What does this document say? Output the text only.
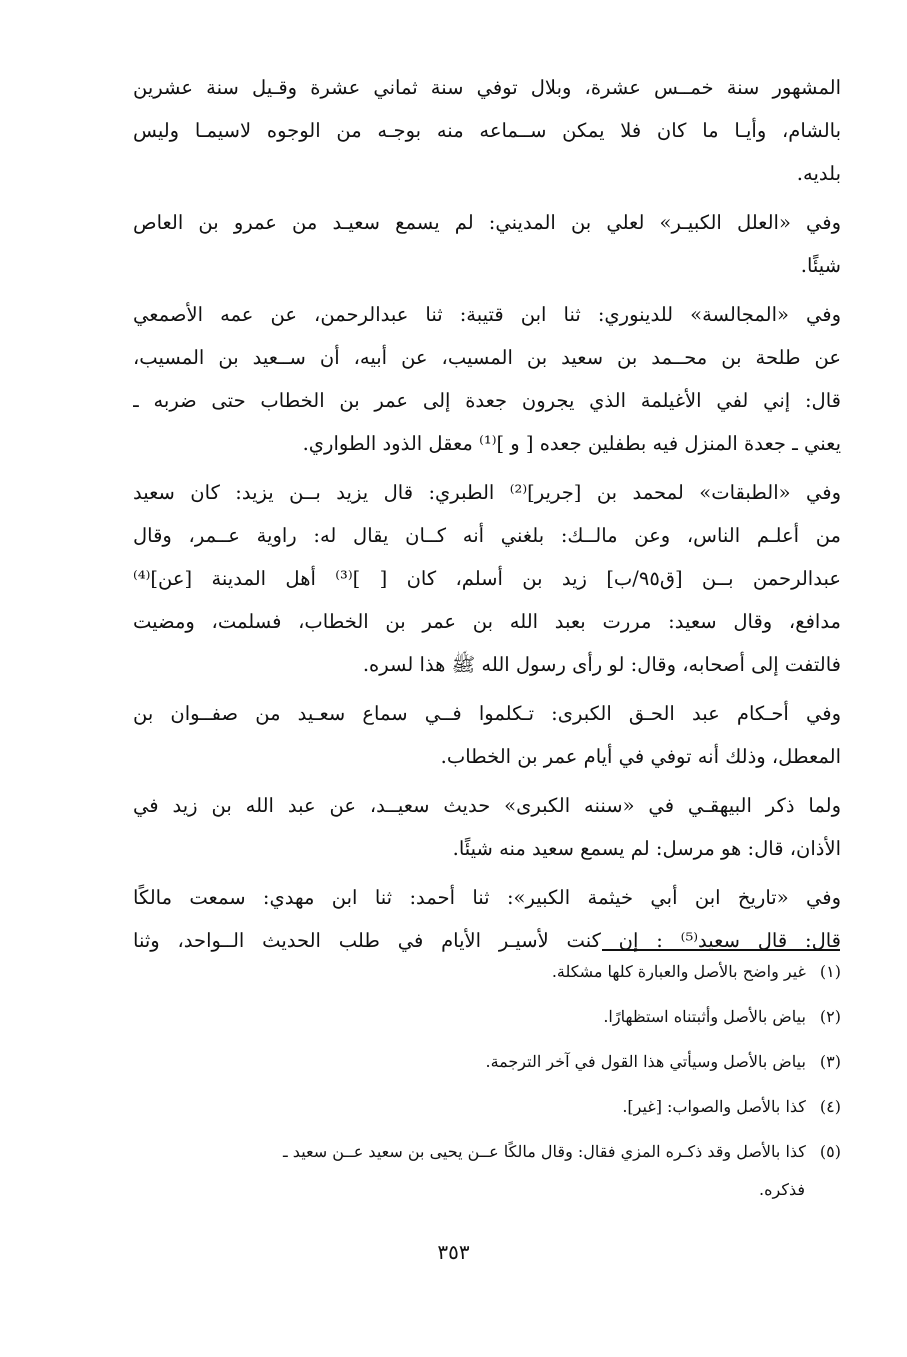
المشهور سنة خمــس عشرة، وبلال توفي سنة ثماني عشرة وقـيل سنة عشرين
بالشام، وأيـا ما كان فلا يمكن ســماعه منه بوجـه من الوجوه لاسيمـا وليس
بلديه.
وفي «العلل الكبيـر» لعلي بن المديني: لم يسمع سعيـد من عمرو بن العاص
شيئًا.
وفي «المجالسة» للدينوري: ثنا ابن قتيبة: ثنا عبدالرحمن، عن عمه الأصمعي
عن طلحة بن محــمد بن سعيد بن المسيب، عن أبيه، أن ســعيد بن المسيب،
قال: إني لفي الأغيلمة الذي يجرون جعدة إلى عمر بن الخطاب حتى ضربه ـ
يعني ـ جعدة المنزل فيه بطفلين جعده [ و ]⁽¹⁾ معقل الذود الطواري.
وفي «الطبقات» لمحمد بن [جرير]⁽²⁾ الطبري: قال يزيد بــن يزيد: كان سعيد
من أعلـم الناس، وعن مالــك: بلغني أنه كــان يقال له: راوية عــمر، وقال
عبدالرحمن بــن [ق٩٥/ب] زيد بن أسلم، كان [ ]⁽³⁾ أهل المدينة [عن]⁽⁴⁾
مدافع، وقال سعيد: مررت بعبد الله بن عمر بن الخطاب، فسلمت، ومضيت
فالتفت إلى أصحابه، وقال: لو رأى رسول الله ﷺ هذا لسره.
وفي أحـكام عبد الحـق الكبرى: تـكلموا فــي سماع سعـيد من صفــوان بن
المعطل، وذلك أنه توفي في أيام عمر بن الخطاب.
ولما ذكر البيهقـي في «سننه الكبرى» حديث سعيــد، عن عبد الله بن زيد في
الأذان، قال: هو مرسل: لم يسمع سعيد منه شيئًا.
وفي «تاريخ ابن أبي خيثمة الكبير»: ثنا أحمد: ثنا ابن مهدي: سمعت مالكًا
قال: قال سعيد⁽⁵⁾ : إن كنت لأسيـر الأيام في طلب الحديث الــواحد، وثنا
(١) غير واضح بالأصل والعبارة كلها مشكلة.
(٢) بياض بالأصل وأثبتناه استظهارًا.
(٣) بياض بالأصل وسيأتي هذا القول في آخر الترجمة.
(٤) كذا بالأصل والصواب: [غير].
(٥) كذا بالأصل وقد ذكـره المزي فقال: وقال مالكًا عــن يحيى بن سعيد عــن سعيد ـ
فذكره.
٣٥٣
